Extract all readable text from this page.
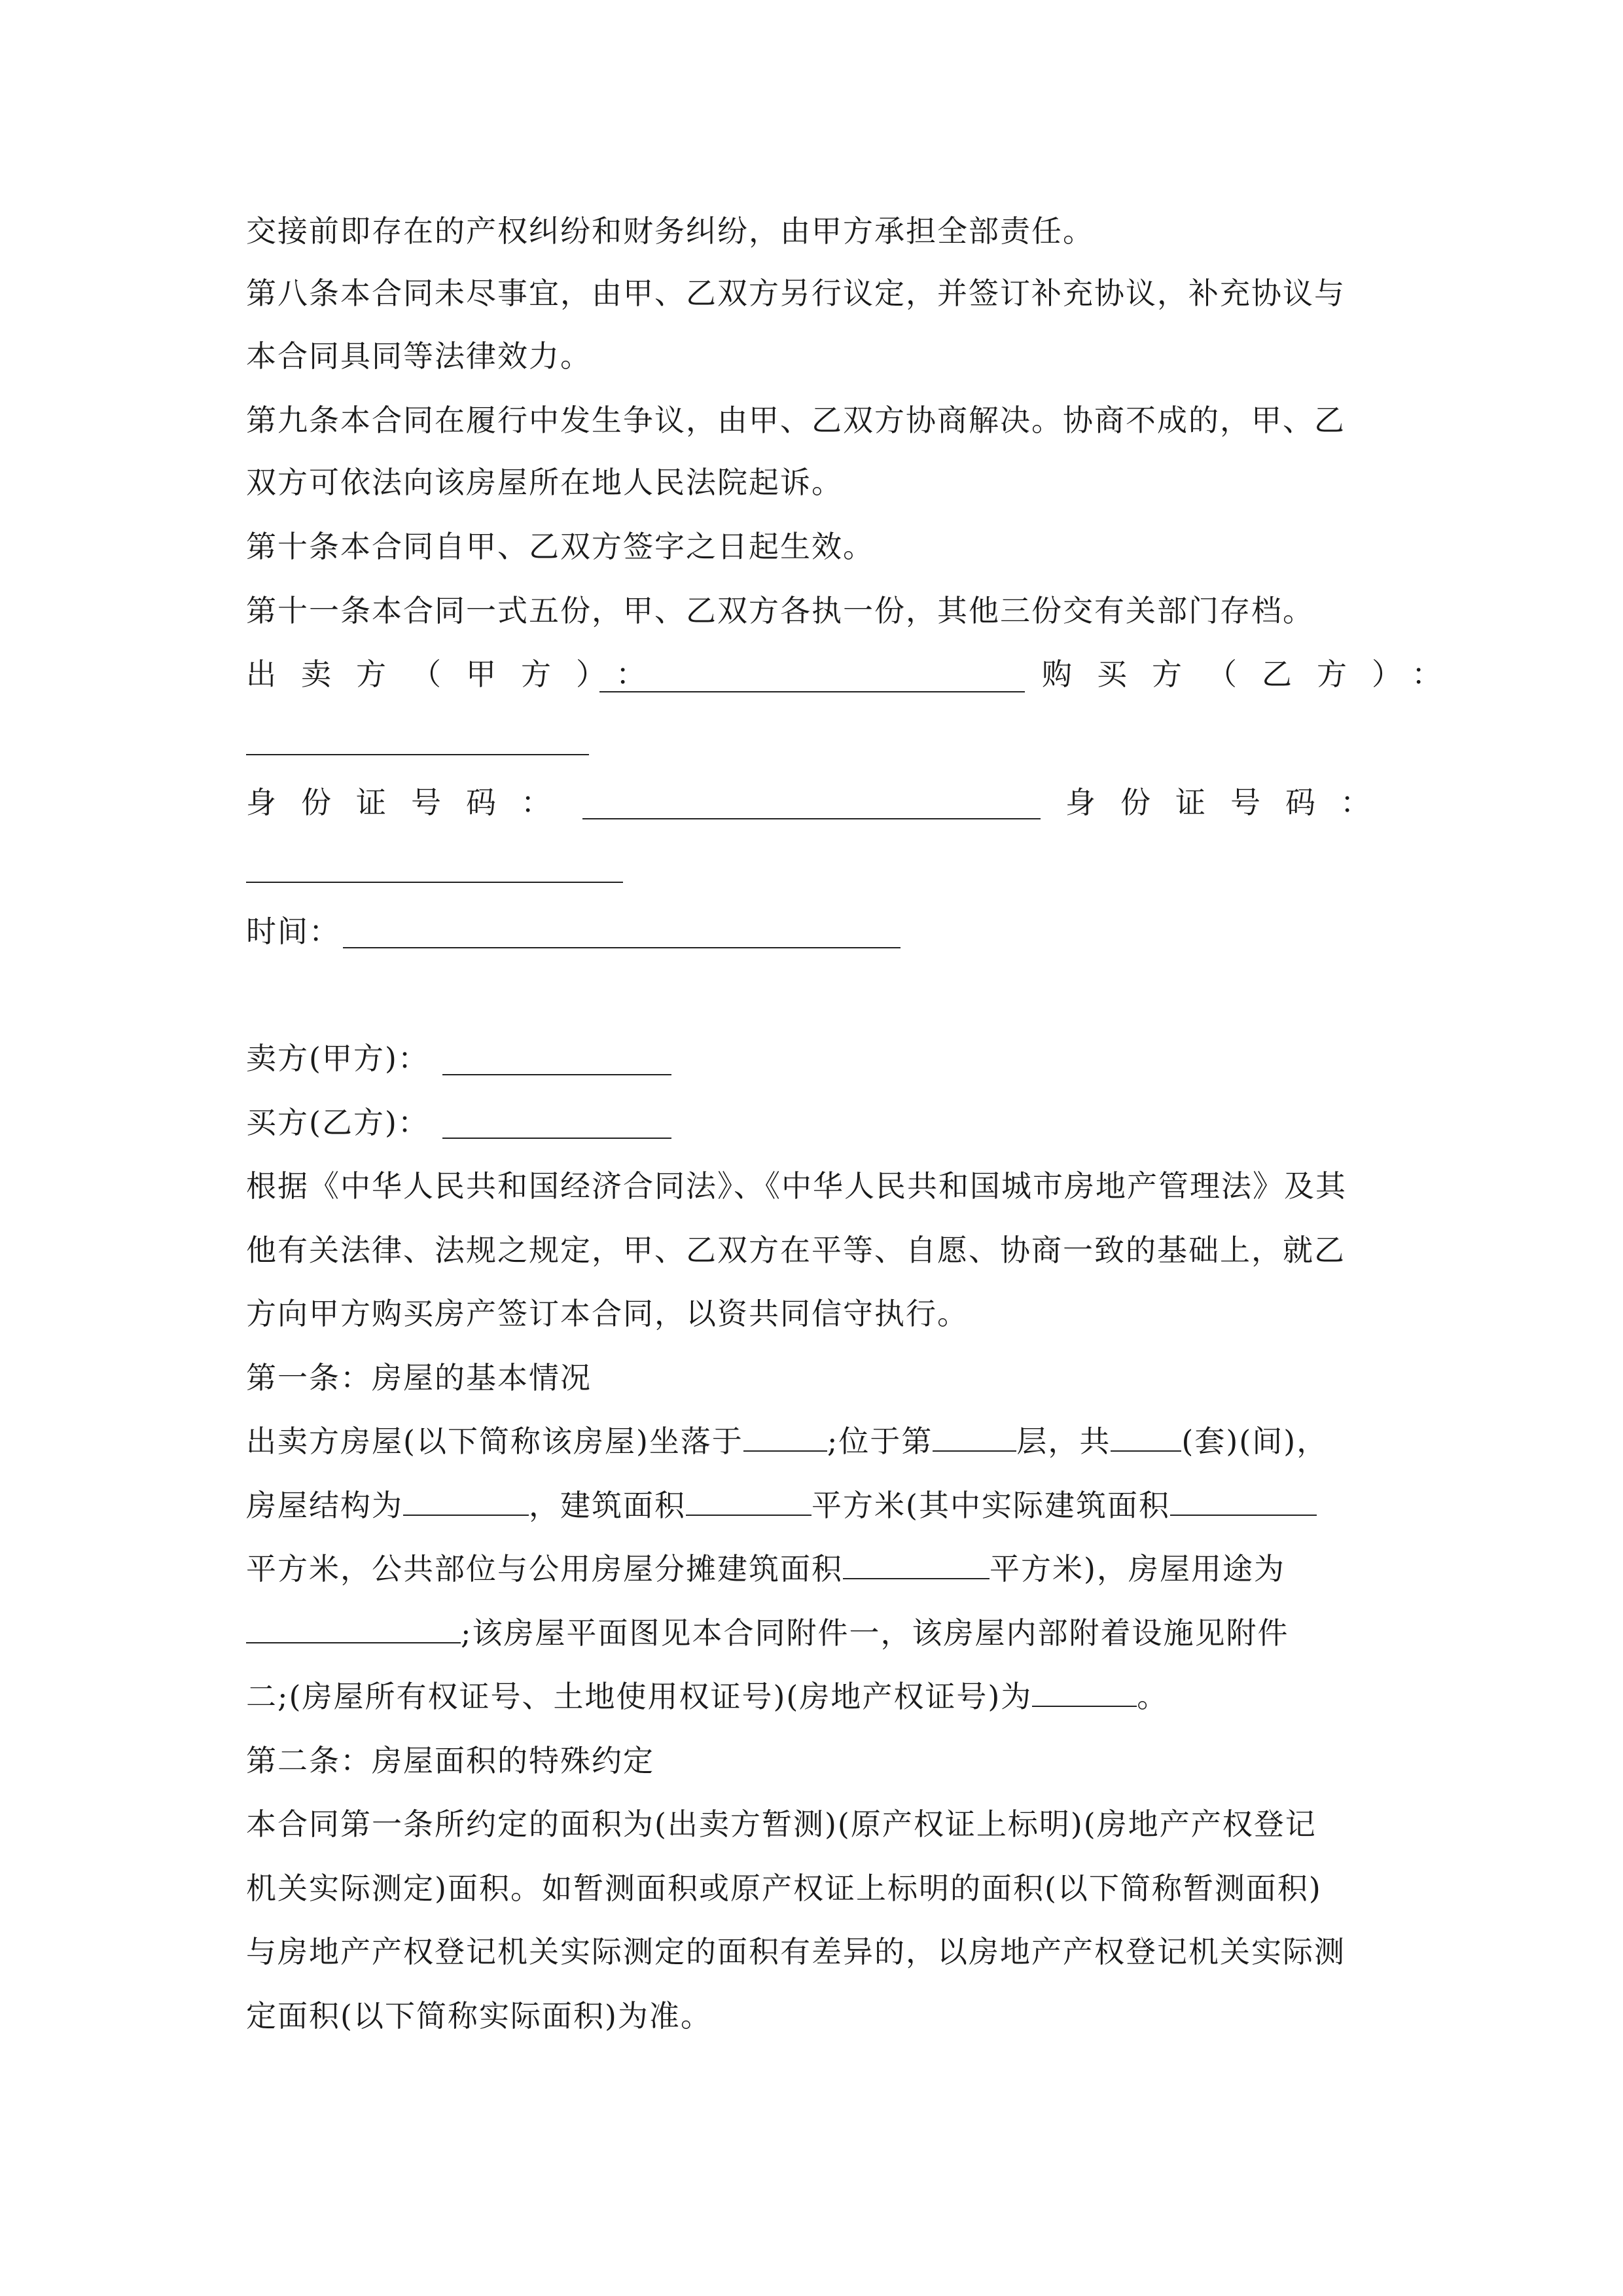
交接前即存在的产权纠纷和财务纠纷，由甲方承担全部责任。
第八条本合同未尽事宜，由甲、乙双方另行议定，并签订补充协议，补充协议与
本合同具同等法律效力。
第九条本合同在履行中发生争议，由甲、乙双方协商解决。协商不成的，甲、乙
双方可依法向该房屋所在地人民法院起诉。
第十条本合同自甲、乙双方签字之日起生效。
第十一条本合同一式五份，甲、乙双方各执一份，其他三份交有关部门存档。
出卖方（甲方）：	购买方（乙方）：
身份证号码：	身份证号码：
时间：
卖方(甲方)：
买方(乙方)：
根据《中华人民共和国经济合同法》、《中华人民共和国城市房地产管理法》及其
他有关法律、法规之规定，甲、乙双方在平等、自愿、协商一致的基础上，就乙
方向甲方购买房产签订本合同，以资共同信守执行。
第一条：房屋的基本情况
出卖方房屋(以下简称该房屋)坐落于	;位于第	层，共 (套)(间)，
房屋结构为	，建筑面积	平方米(其中实际建筑面积
平方米，公共部位与公用房屋分摊建筑面积	平方米)，房屋用途为
;该房屋平面图见本合同附件一，该房屋内部附着设施见附件
二;(房屋所有权证号、土地使用权证号)(房地产权证号)为	。
第二条：房屋面积的特殊约定
本合同第一条所约定的面积为(出卖方暂测)(原产权证上标明)(房地产产权登记
机关实际测定)面积。如暂测面积或原产权证上标明的面积(以下简称暂测面积)
与房地产产权登记机关实际测定的面积有差异的，以房地产产权登记机关实际测
定面积(以下简称实际面积)为准。
